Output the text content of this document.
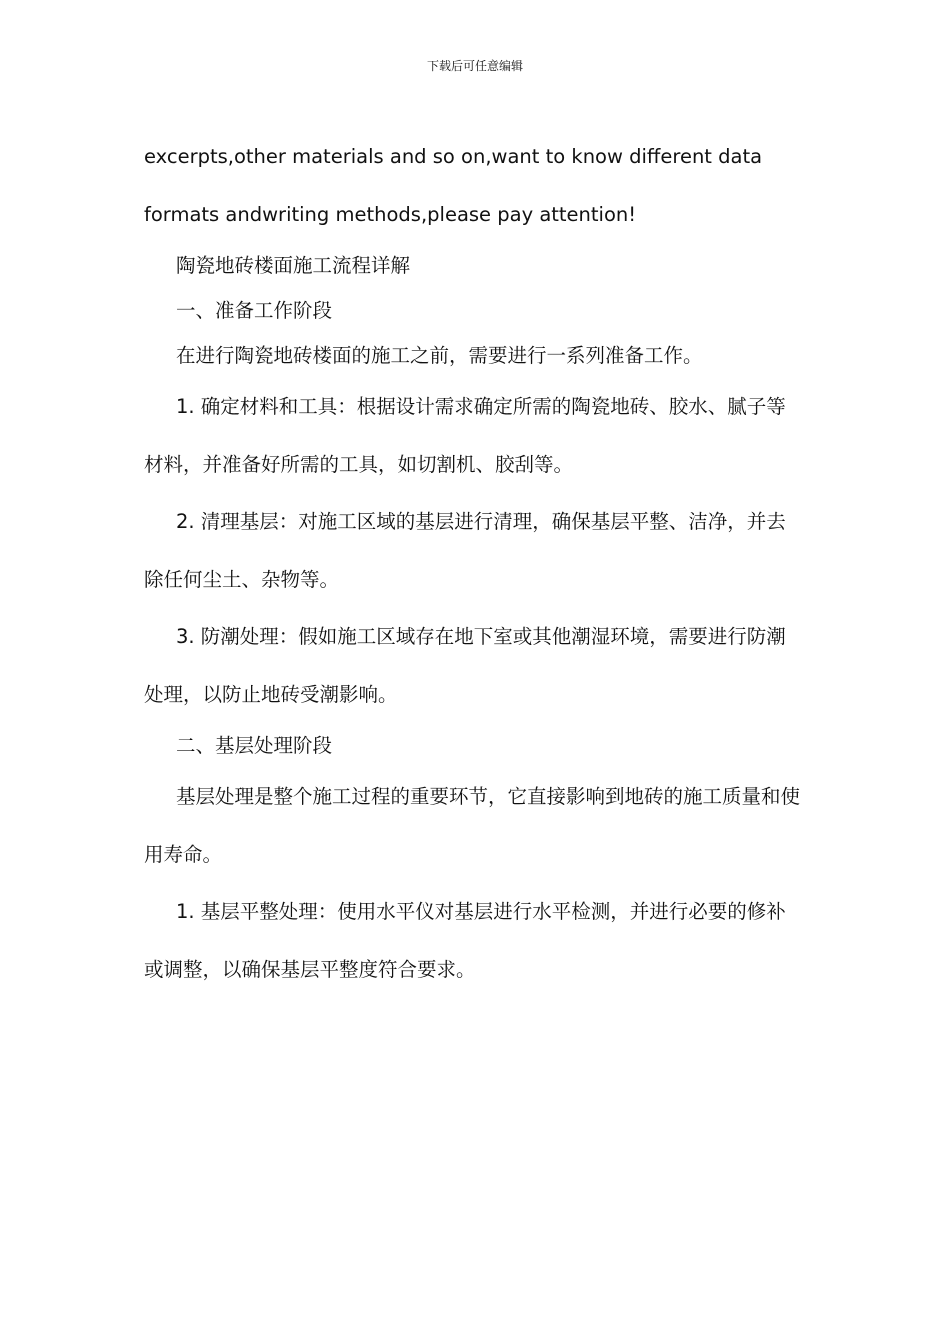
下载后可任意编辑

excerpts,other materials and so on,want to know different data formats andwriting methods,please pay attention!

陶瓷地砖楼面施工流程详解

一、准备工作阶段

在进行陶瓷地砖楼面的施工之前，需要进行一系列准备工作。

1. 确定材料和工具：根据设计需求确定所需的陶瓷地砖、胶水、腻子等材料，并准备好所需的工具，如切割机、胶刮等。

2. 清理基层：对施工区域的基层进行清理，确保基层平整、洁净，并去除任何尘土、杂物等。

3. 防潮处理：假如施工区域存在地下室或其他潮湿环境，需要进行防潮处理，以防止地砖受潮影响。

二、基层处理阶段

基层处理是整个施工过程的重要环节，它直接影响到地砖的施工质量和使用寿命。

1. 基层平整处理：使用水平仪对基层进行水平检测，并进行必要的修补或调整，以确保基层平整度符合要求。
